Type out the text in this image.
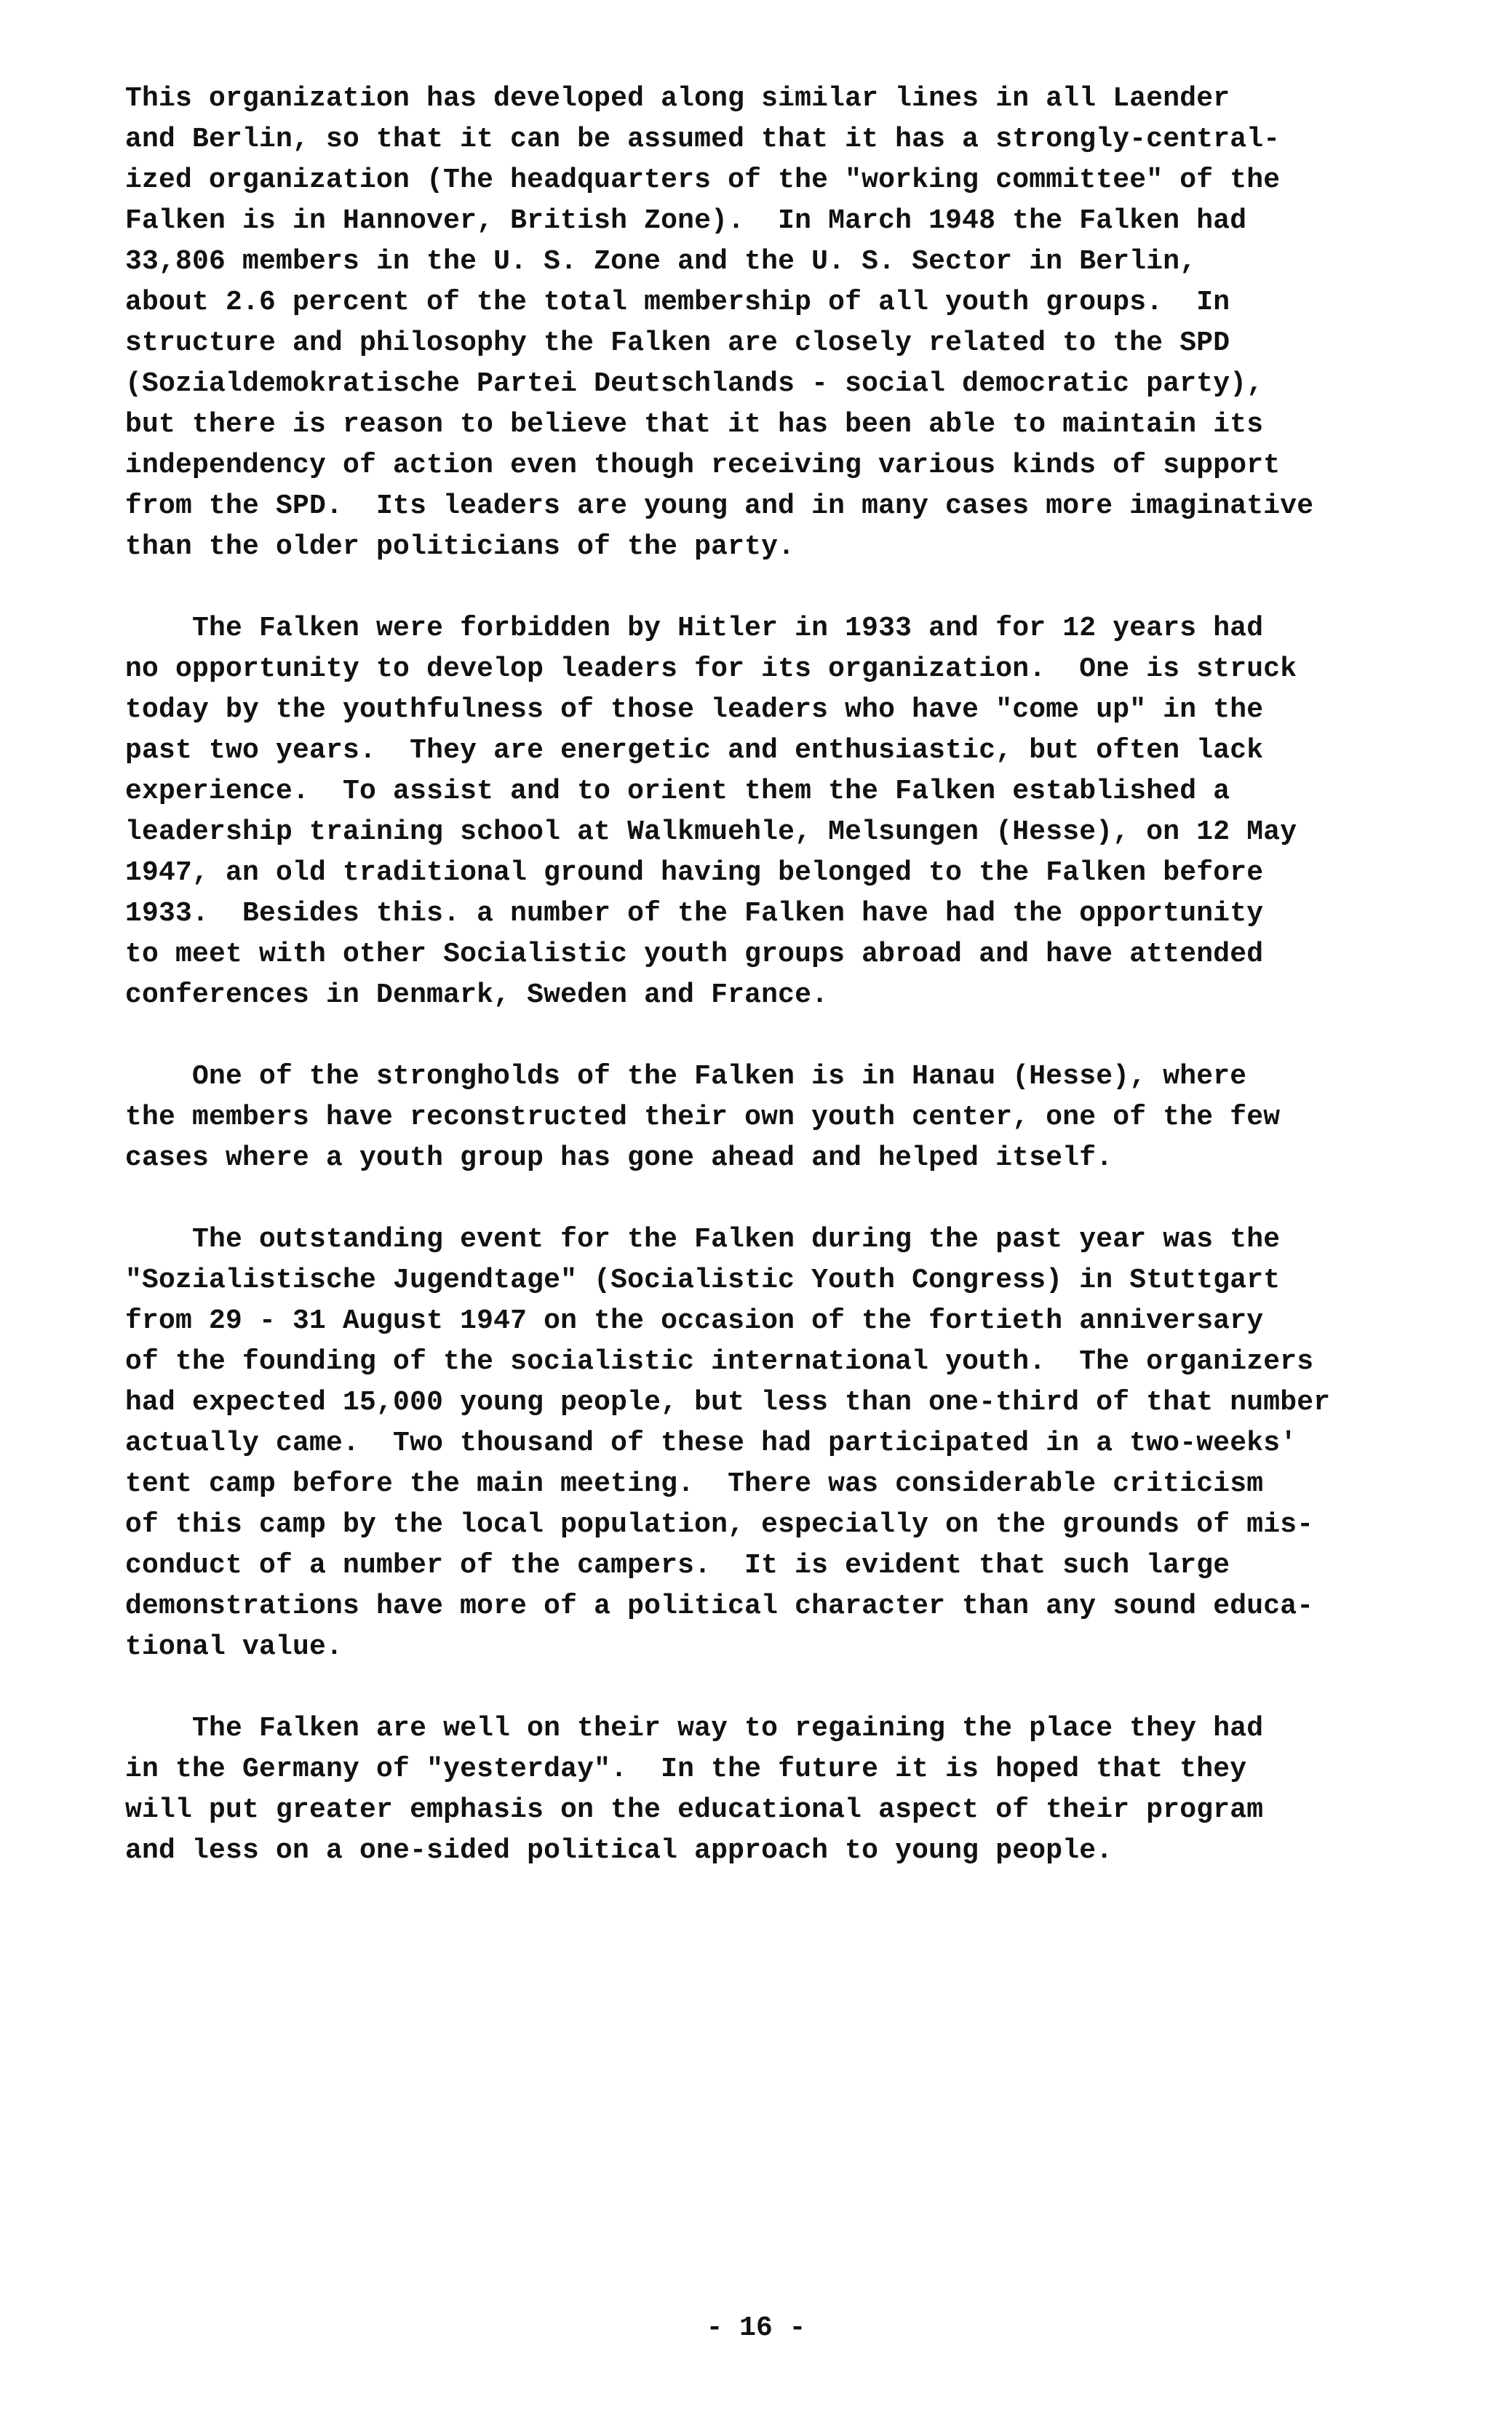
This organization has developed along similar lines in all Laender
and Berlin, so that it can be assumed that it has a strongly-central-
ized organization (The headquarters of the "working committee" of the
Falken is in Hannover, British Zone).  In March 1948 the Falken had
33,806 members in the U. S. Zone and the U. S. Sector in Berlin,
about 2.6 percent of the total membership of all youth groups.  In
structure and philosophy the Falken are closely related to the SPD
(Sozialdemokratische Partei Deutschlands - social democratic party),
but there is reason to believe that it has been able to maintain its
independency of action even though receiving various kinds of support
from the SPD.  Its leaders are young and in many cases more imaginative
than the older politicians of the party.
The Falken were forbidden by Hitler in 1933 and for 12 years had
no opportunity to develop leaders for its organization.  One is struck
today by the youthfulness of those leaders who have "come up" in the
past two years.  They are energetic and enthusiastic, but often lack
experience.  To assist and to orient them the Falken established a
leadership training school at Walkmuehle, Melsungen (Hesse), on 12 May
1947, an old traditional ground having belonged to the Falken before
1933.  Besides this. a number of the Falken have had the opportunity
to meet with other Socialistic youth groups abroad and have attended
conferences in Denmark, Sweden and France.
One of the strongholds of the Falken is in Hanau (Hesse), where
the members have reconstructed their own youth center, one of the few
cases where a youth group has gone ahead and helped itself.
The outstanding event for the Falken during the past year was the
"Sozialistische Jugendtage" (Socialistic Youth Congress) in Stuttgart
from 29 - 31 August 1947 on the occasion of the fortieth anniversary
of the founding of the socialistic international youth.  The organizers
had expected 15,000 young people, but less than one-third of that number
actually came.  Two thousand of these had participated in a two-weeks'
tent camp before the main meeting.  There was considerable criticism
of this camp by the local population, especially on the grounds of mis-
conduct of a number of the campers.  It is evident that such large
demonstrations have more of a political character than any sound educa-
tional value.
The Falken are well on their way to regaining the place they had
in the Germany of "yesterday".  In the future it is hoped that they
will put greater emphasis on the educational aspect of their program
and less on a one-sided political approach to young people.
- 16 -
